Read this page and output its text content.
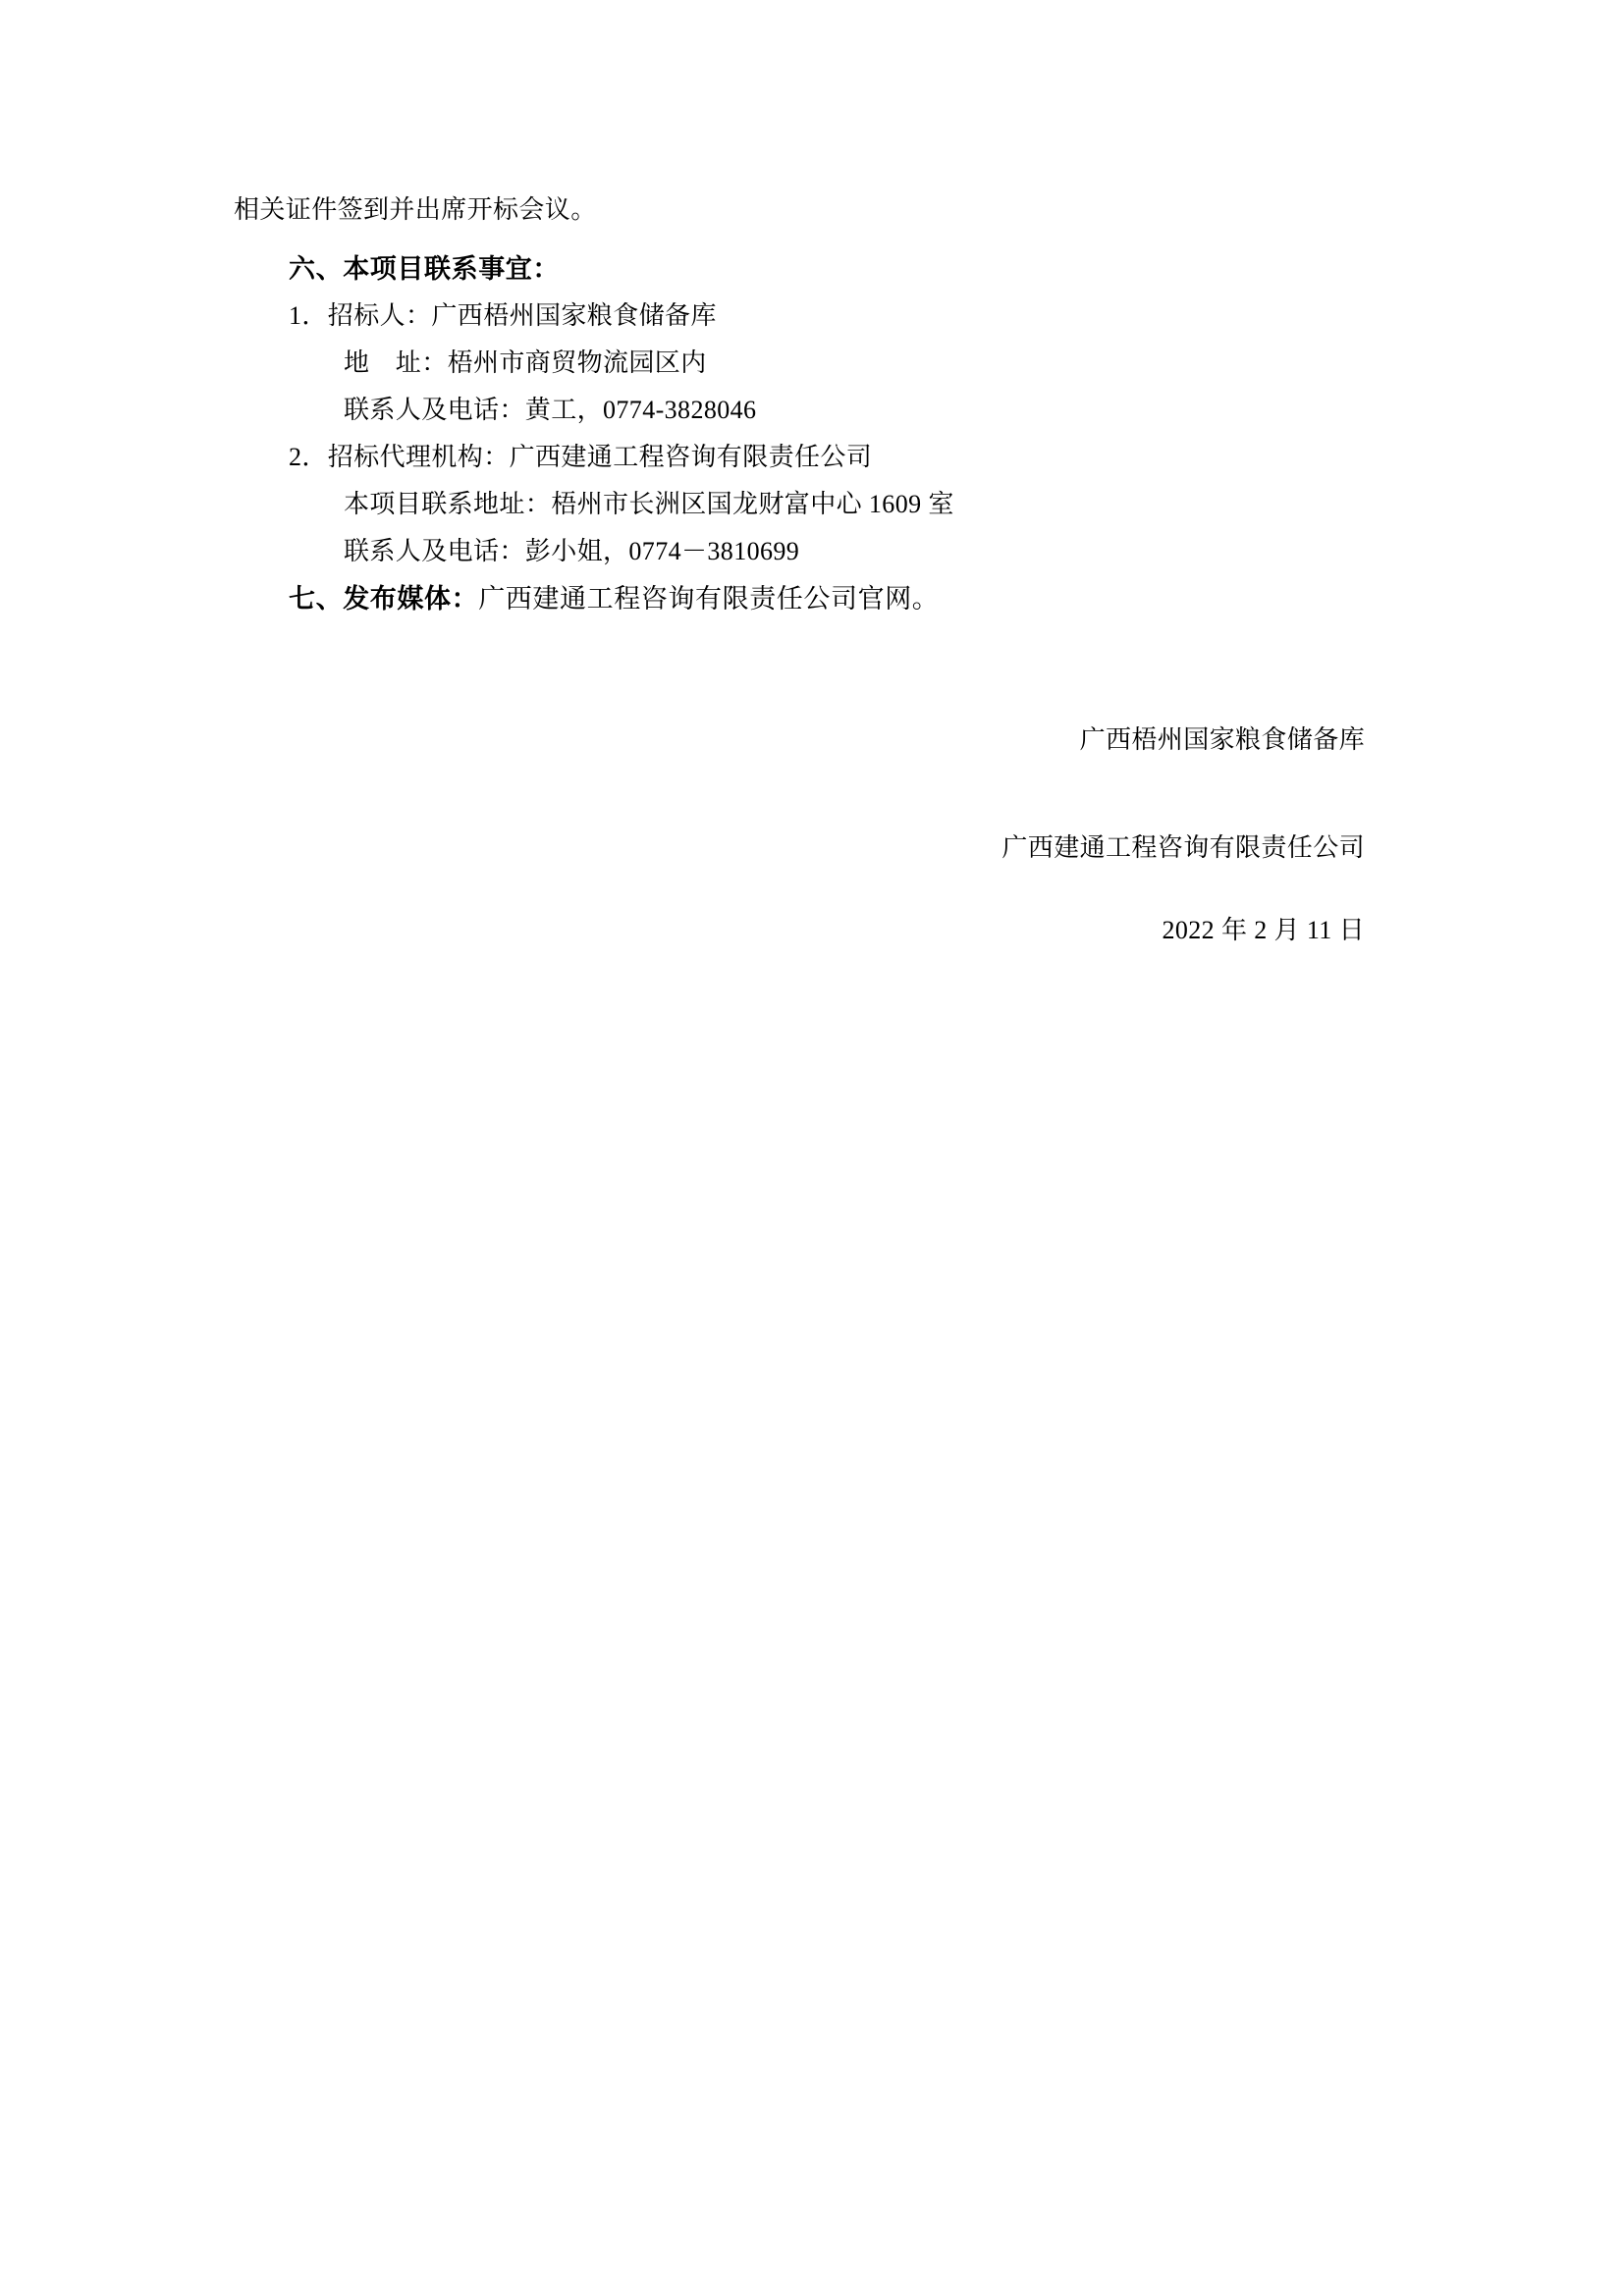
相关证件签到并出席开标会议。
六、本项目联系事宜：
1．招标人：广西梧州国家粮食储备库
地　址：梧州市商贸物流园区内
联系人及电话：黄工，0774-3828046
2．招标代理机构：广西建通工程咨询有限责任公司
本项目联系地址：梧州市长洲区国龙财富中心 1609 室
联系人及电话：彭小姐，0774－3810699
七、发布媒体：广西建通工程咨询有限责任公司官网。
广西梧州国家粮食储备库
广西建通工程咨询有限责任公司
2022 年 2 月 11 日
